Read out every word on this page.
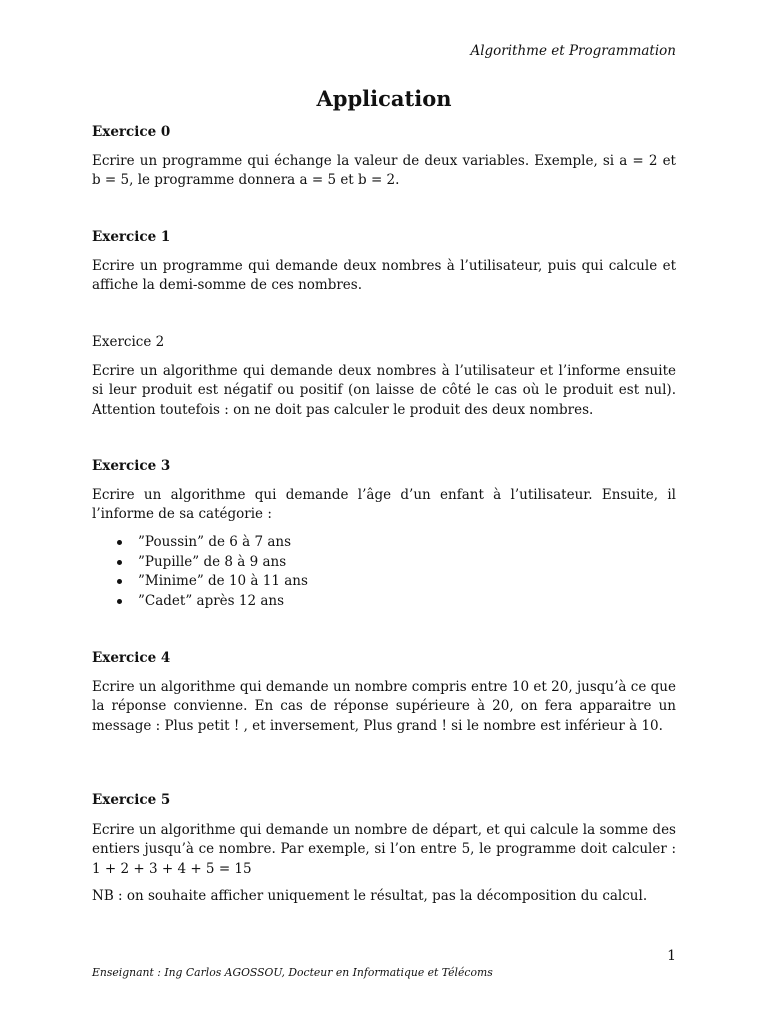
Algorithme et Programmation
Application
Exercice 0

Ecrire un programme qui échange la valeur de deux variables. Exemple, si a = 2 et b = 5, le programme donnera a = 5 et b = 2.

Exercice 1

Ecrire un programme qui demande deux nombres à l’utilisateur, puis qui calcule et affiche la demi-somme de ces nombres.

Exercice 2

Ecrire un algorithme qui demande deux nombres à l’utilisateur et l’informe ensuite si leur produit est négatif ou positif (on laisse de côté le cas où le produit est nul). Attention toutefois : on ne doit pas calculer le produit des deux nombres.

Exercice 3

Ecrire un algorithme qui demande l’âge d’un enfant à l’utilisateur. Ensuite, il l’informe de sa catégorie :

”Poussin” de 6 à 7 ans
”Pupille” de 8 à 9 ans
”Minime” de 10 à 11 ans
”Cadet” après 12 ans
Exercice 4

Ecrire un algorithme qui demande un nombre compris entre 10 et 20, jusqu’à ce que la réponse convienne. En cas de réponse supérieure à 20, on fera apparaitre un message : Plus petit ! , et inversement, Plus grand ! si le nombre est inférieur à 10.

Exercice 5

Ecrire un algorithme qui demande un nombre de départ, et qui calcule la somme des entiers jusqu’à ce nombre. Par exemple, si l’on entre 5, le programme doit calculer : 1 + 2 + 3 + 4 + 5 = 15

NB : on souhaite afficher uniquement le résultat, pas la décomposition du calcul.

1
Enseignant : Ing Carlos AGOSSOU, Docteur en Informatique et Télécoms
